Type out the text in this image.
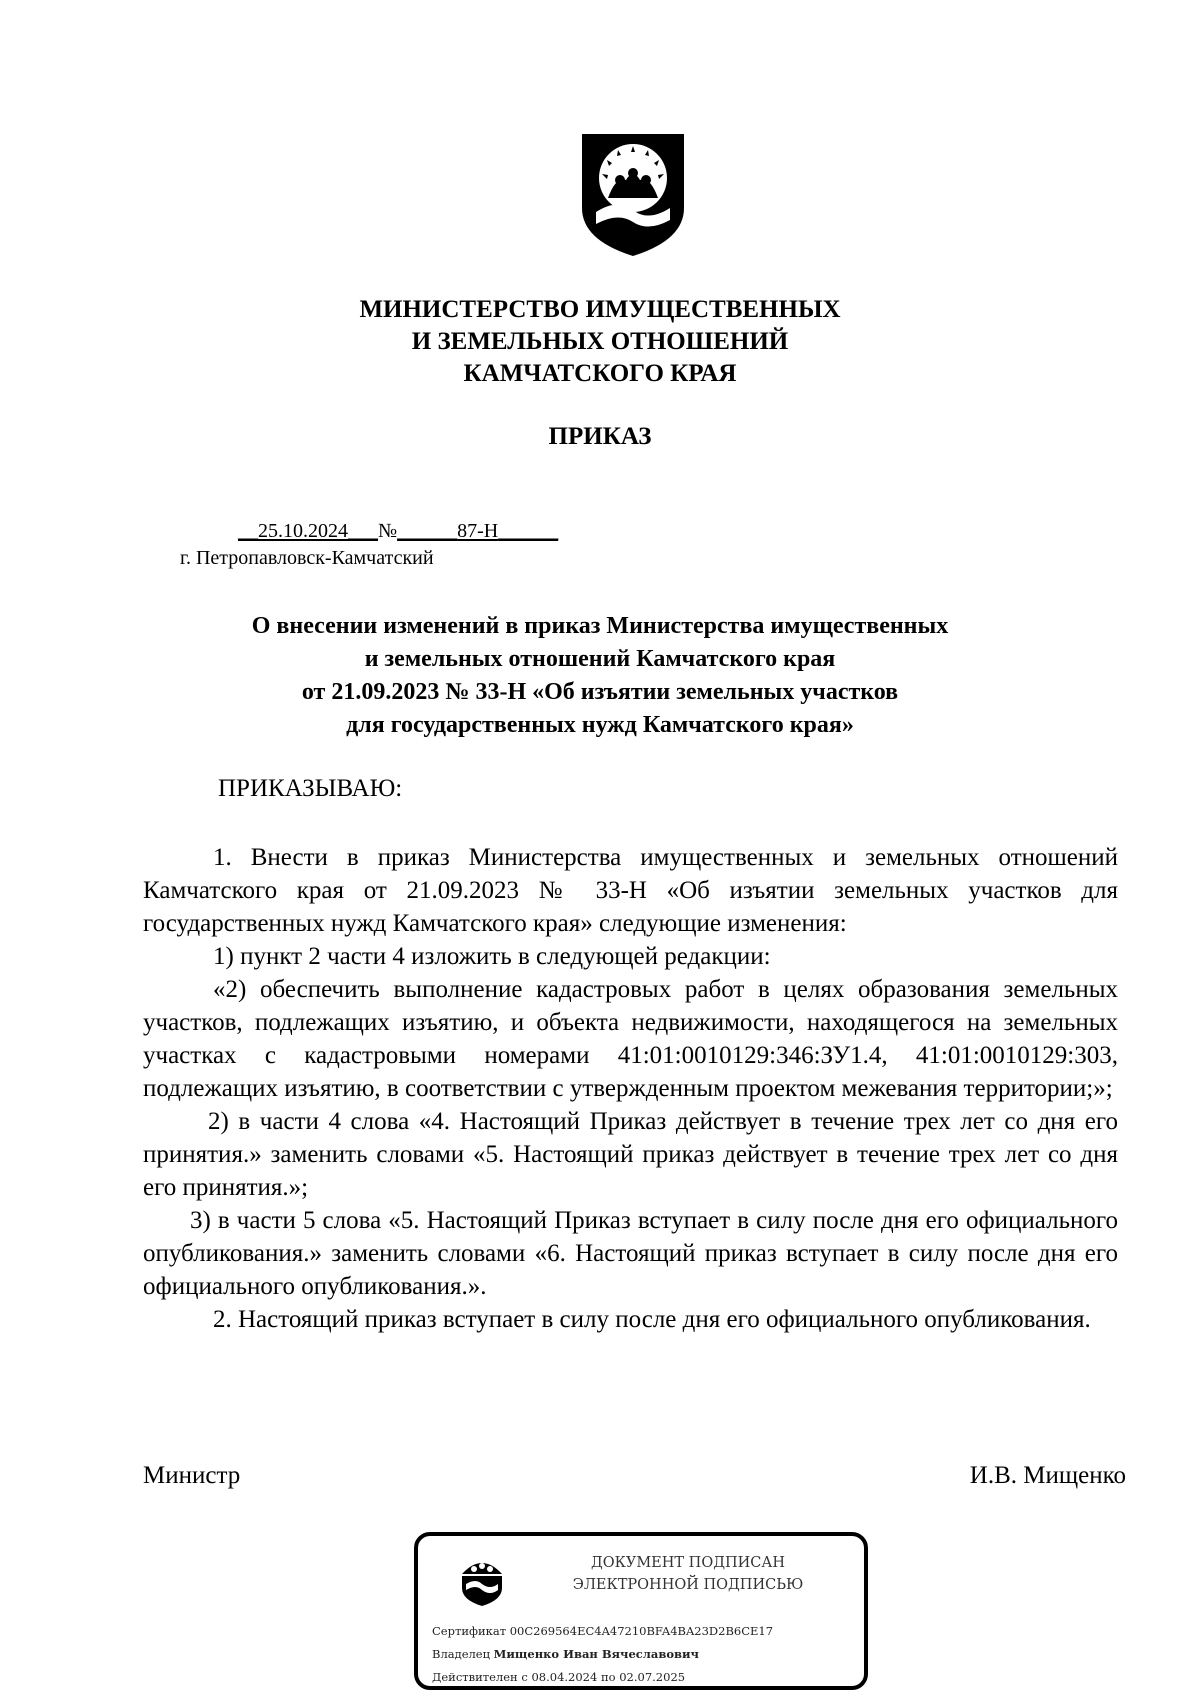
МИНИСТЕРСТВО ИМУЩЕСТВЕННЫХ
И ЗЕМЕЛЬНЫХ ОТНОШЕНИЙ
КАМЧАТСКОГО КРАЯ
ПРИКАЗ
__25.10.2024___№______87-Н______
г. Петропавловск-Камчатский
О внесении изменений в приказ Министерства имущественных
и земельных отношений Камчатского края
от 21.09.2023 № 33-Н «Об изъятии земельных участков
для государственных нужд Камчатского края»
ПРИКАЗЫВАЮ:

1. Внести в приказ Министерства имущественных и земельных отношений Камчатского края от 21.09.2023 № 33-Н «Об изъятии земельных участков для государственных нужд Камчатского края» следующие изменения:

1) пункт 2 части 4 изложить в следующей редакции:

«2) обеспечить выполнение кадастровых работ в целях образования земельных участков, подлежащих изъятию, и объекта недвижимости, находящегося на земельных участках с кадастровыми номерами 41:01:0010129:346:ЗУ1.4, 41:01:0010129:303, подлежащих изъятию, в соответствии с утвержденным проектом межевания территории;»;

2) в части 4 слова «4. Настоящий Приказ действует в течение трех лет со дня его принятия.» заменить словами «5. Настоящий приказ действует в течение трех лет со дня его принятия.»;

3) в части 5 слова «5. Настоящий Приказ вступает в силу после дня его официального опубликования.» заменить словами «6. Настоящий приказ вступает в силу после дня его официального опубликования.».

2. Настоящий приказ вступает в силу после дня его официального опубликования.

Министр	И.В. Мищенко
ДОКУМЕНТ ПОДПИСАН
ЭЛЕКТРОННОЙ ПОДПИСЬЮ
Сертификат 00C269564EC4A47210BFA4BA23D2B6CE17
Владелец Мищенко Иван Вячеславович
Действителен с 08.04.2024 по 02.07.2025
